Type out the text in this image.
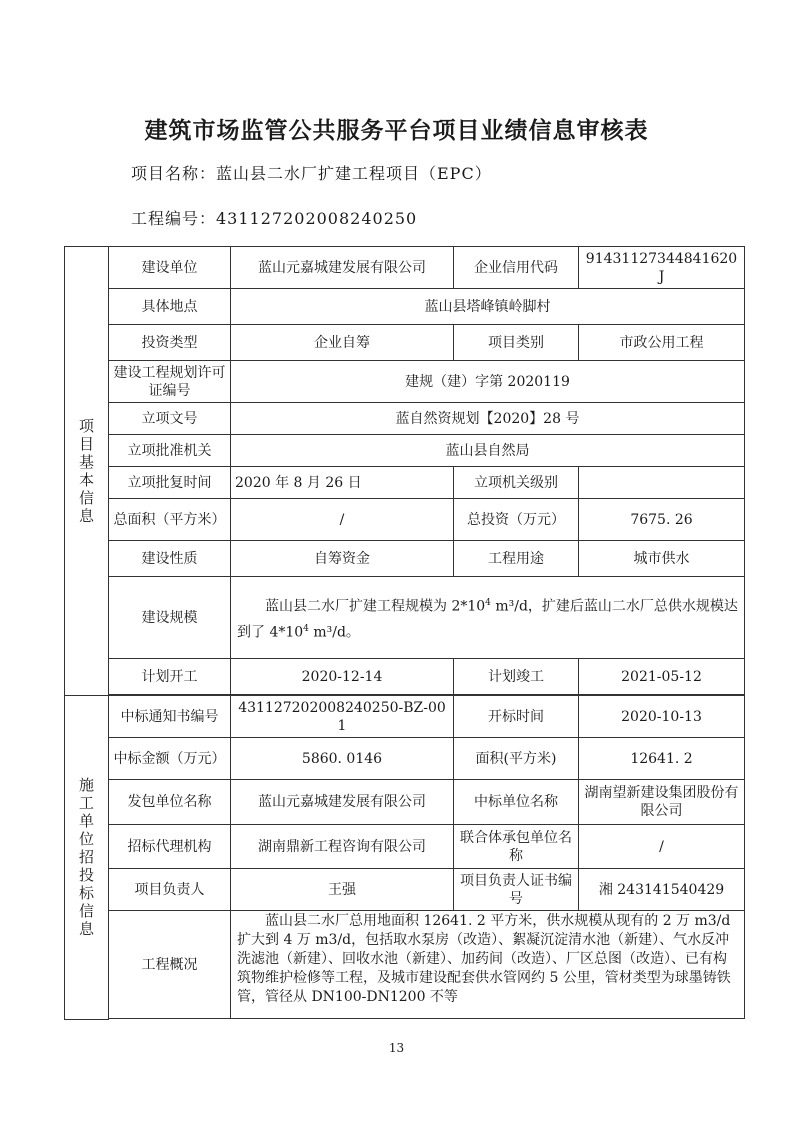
建筑市场监管公共服务平台项目业绩信息审核表
项目名称：蓝山县二水厂扩建工程项目（EPC）
工程编号：431127202008240250
项目基本信息	建设单位	蓝山元嘉城建发展有限公司	企业信用代码	91431127344841620J
	具体地点	蓝山县塔峰镇岭脚村		
	投资类型	企业自筹	项目类别	市政公用工程
	建设工程规划许可证编号	建规（建）字第 2020119		
	立项文号	蓝自然资规划【2020】28 号		
	立项批准机关	蓝山县自然局		
	立项批复时间	2020 年 8 月 26 日	立项机关级别	
	总面积（平方米）	/	总投资（万元）	7675. 26
	建设性质	自筹资金	工程用途	城市供水
	建设规模	蓝山县二水厂扩建工程规模为 $2*10^4$ m³/d，扩建后蓝山二水厂总供水规模达到了 $4*10^4$ m³/d。		
	计划开工	2020-12-14	计划竣工	2021-05-12

施工单位招投标信息	中标通知书编号	431127202008240250-BZ-001	开标时间	2020-10-13
	中标金额（万元）	5860. 0146	面积(平方米)	12641. 2
	发包单位名称	蓝山元嘉城建发展有限公司	中标单位名称	湖南望新建设集团股份有限公司
	招标代理机构	湖南鼎新工程咨询有限公司	联合体承包单位名称	/
	项目负责人	王强	项目负责人证书编号	湘 243141540429
	工程概况	蓝山县二水厂总用地面积 12641. 2 平方米，供水规模从现有的 2 万 m3/d 扩大到 4 万 m3/d，包括取水泵房（改造）、絮凝沉淀清水池（新建）、气水反冲洗滤池（新建）、回收水池（新建）、加药间（改造）、厂区总图（改造）、已有构筑物维护检修等工程，及城市建设配套供水管网约 5 公里，管材类型为球墨铸铁管，管径从 DN100-DN1200 不等		

13
